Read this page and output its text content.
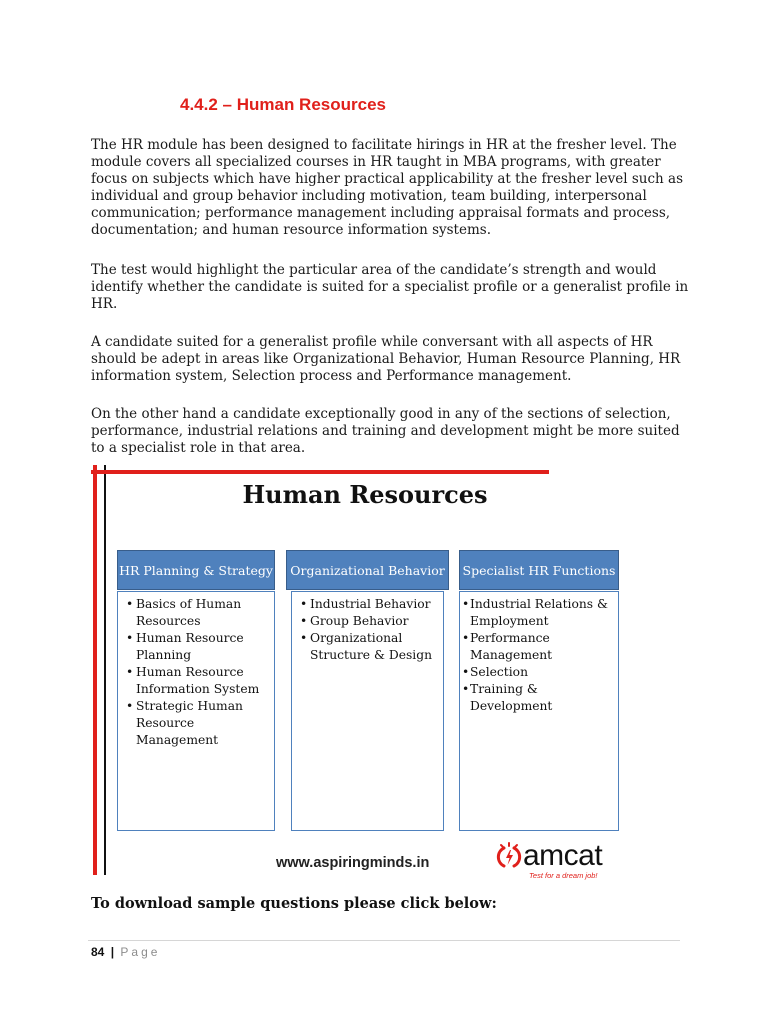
4.4.2 – Human Resources

The HR module has been designed to facilitate hirings in HR at the fresher level. The module covers all specialized courses in HR taught in MBA programs, with greater focus on subjects which have higher practical applicability at the fresher level such as individual and group behavior including motivation, team building, interpersonal communication; performance management including appraisal formats and process, documentation; and human resource information systems.

The test would highlight the particular area of the candidate’s strength and would identify whether the candidate is suited for a specialist profile or a generalist profile in HR.

A candidate suited for a generalist profile while conversant with all aspects of HR should be adept in areas like Organizational Behavior, Human Resource Planning, HR information system, Selection process and Performance management.

On the other hand a candidate exceptionally good in any of the sections of selection, performance, industrial relations and training and development might be more suited to a specialist role in that area.

Human Resources
HR Planning & Strategy
• Basics of Human Resources
• Human Resource Planning
• Human Resource Information System
• Strategic Human Resource Management
Organizational Behavior
• Industrial Behavior
• Group Behavior
• Organizational Structure & Design
Specialist HR Functions
• Industrial Relations & Employment
• Performance Management
• Selection
• Training & Development
www.aspiringminds.in	amcat
Test for a dream job!
To download sample questions please click below:
84 | Page
